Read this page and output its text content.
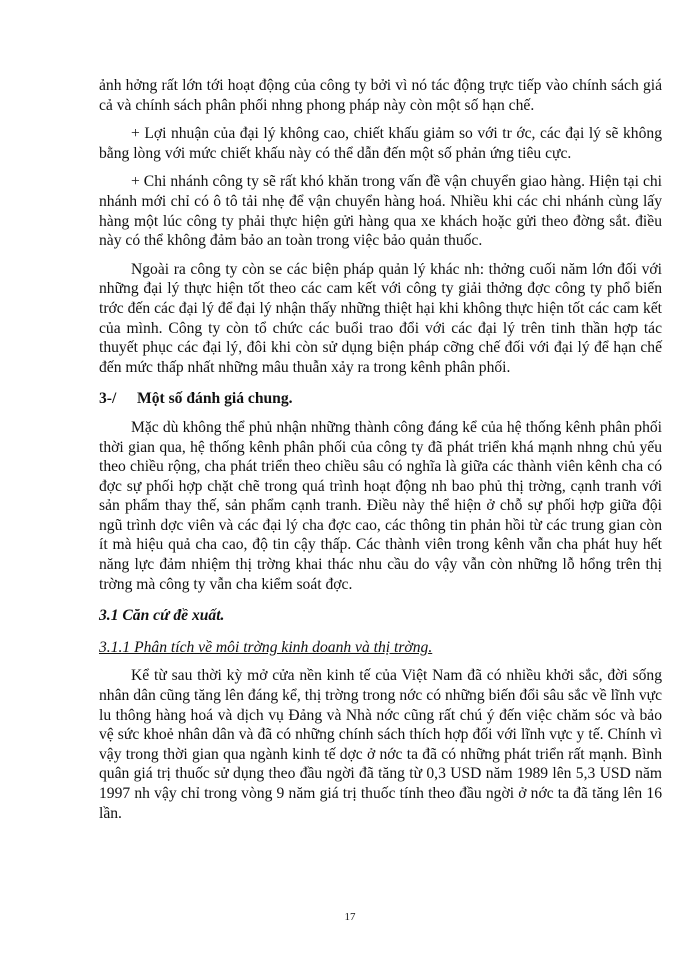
ảnh hởng rất lớn tới hoạt động của công ty bởi vì nó tác động trực tiếp vào chính sách giá cả và chính sách phân phối nhng phong pháp này còn một số hạn chế.

+ Lợi nhuận của đại lý không cao, chiết khấu giảm so với tr ớc, các đại lý sẽ không bằng lòng với mức chiết khấu này có thể dẫn đến một số phản ứng tiêu cực.

+ Chi nhánh công ty sẽ rất khó khăn trong vấn đề vận chuyển giao hàng. Hiện tại chi nhánh mới chỉ có ô tô tải nhẹ để vận chuyển hàng hoá. Nhiều khi các chi nhánh cùng lấy hàng một lúc công ty phải thực hiện gửi hàng qua xe khách hoặc gửi theo đờng sắt. điều này có thể không đảm bảo an toàn trong việc bảo quản thuốc.

Ngoài ra công ty còn se các biện pháp quản lý khác nh: thởng cuối năm lớn đối với những đại lý thực hiện tốt theo các cam kết với công ty giải thởng đợc công ty phổ biến trớc đến các đại lý để đại lý nhận thấy những thiệt hại khi không thực hiện tốt các cam kết của mình. Công ty còn tổ chức các buổi trao đổi với các đại lý trên tinh thần hợp tác thuyết phục các đại lý, đôi khi còn sử dụng biện pháp cỡng chế đối với đại lý để hạn chế đến mức thấp nhất những mâu thuẫn xảy ra trong kênh phân phối.

3-/ Một số đánh giá chung.

Mặc dù không thể phủ nhận những thành công đáng kể của hệ thống kênh phân phối thời gian qua, hệ thống kênh phân phối của công ty đã phát triển khá mạnh nhng chủ yếu theo chiều rộng, cha phát triển theo chiều sâu có nghĩa là giữa các thành viên kênh cha có đợc sự phối hợp chặt chẽ trong quá trình hoạt động nh bao phủ thị trờng, cạnh tranh với sản phẩm thay thế, sản phẩm cạnh tranh. Điều này thể hiện ở chỗ sự phối hợp giữa đội ngũ trình dợc viên và các đại lý cha đợc cao, các thông tin phản hồi từ các trung gian còn ít mà hiệu quả cha cao, độ tin cậy thấp. Các thành viên trong kênh vẫn cha phát huy hết năng lực đảm nhiệm thị trờng khai thác nhu cầu do vậy vẫn còn những lỗ hổng trên thị trờng mà công ty vẫn cha kiểm soát đợc.

3.1 Căn cứ đề xuất.

3.1.1 Phân tích về môi trờng kinh doanh và thị trờng.

Kể từ sau thời kỳ mở cửa nền kinh tế của Việt Nam đã có nhiều khởi sắc, đời sống nhân dân cũng tăng lên đáng kể, thị trờng trong nớc có những biến đổi sâu sắc về lĩnh vực lu thông hàng hoá và dịch vụ Đảng và Nhà nớc cũng rất chú ý đến việc chăm sóc và bảo vệ sức khoẻ nhân dân và đã có những chính sách thích hợp đối với lĩnh vực y tế. Chính vì vậy trong thời gian qua ngành kinh tế dợc ở nớc ta đã có những phát triển rất mạnh. Bình quân giá trị thuốc sử dụng theo đầu ngời đã tăng từ 0,3 USD năm 1989 lên 5,3 USD năm 1997 nh vậy chỉ trong vòng 9 năm giá trị thuốc tính theo đầu ngời ở nớc ta đã tăng lên 16 lần.

17
